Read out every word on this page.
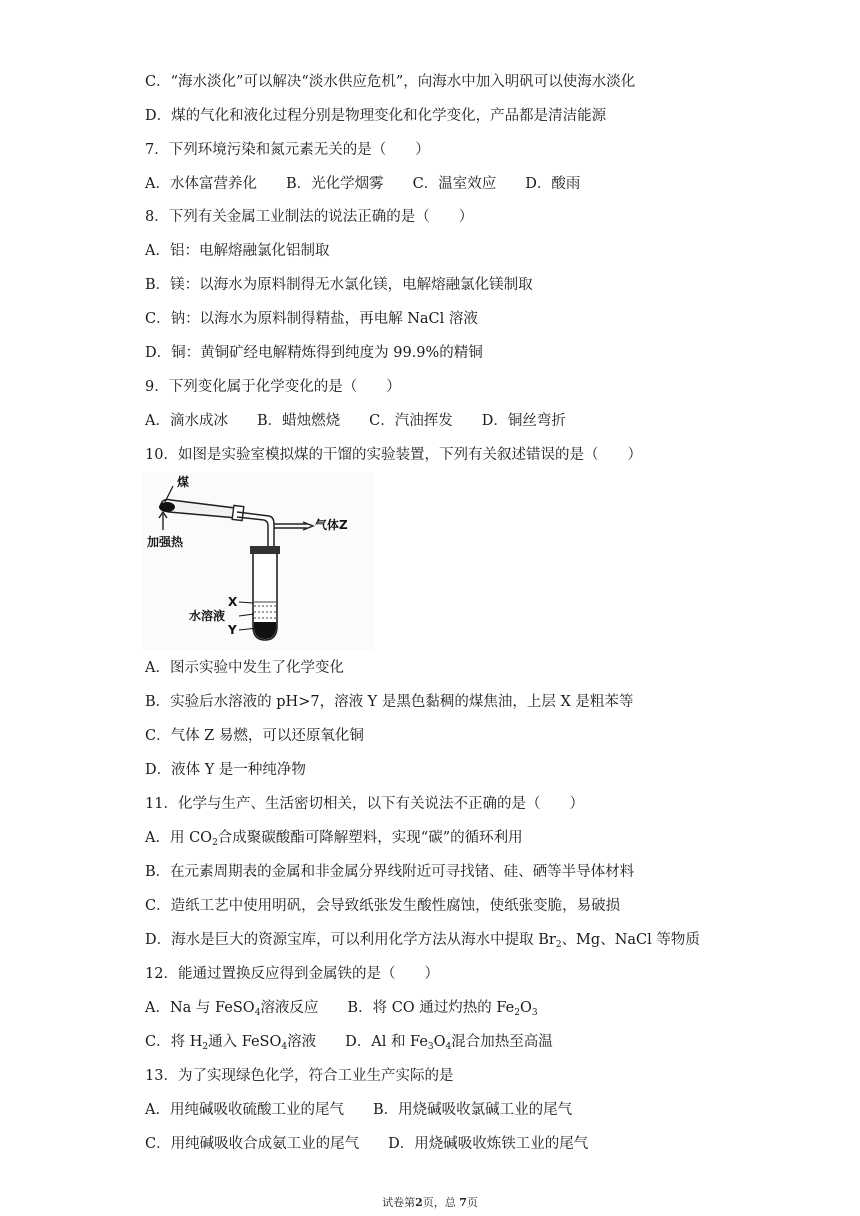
C．“海水淡化”可以解决“淡水供应危机”，向海水中加入明矾可以使海水淡化
D．煤的气化和液化过程分别是物理变化和化学变化，产品都是清洁能源
7．下列环境污染和氮元素无关的是（　　）
A．水体富营养化　　B．光化学烟雾　　C．温室效应　　D．酸雨
8．下列有关金属工业制法的说法正确的是（　　）
A．铝：电解熔融氯化铝制取
B．镁：以海水为原料制得无水氯化镁，电解熔融氯化镁制取
C．钠：以海水为原料制得精盐，再电解 NaCl 溶液
D．铜：黄铜矿经电解精炼得到纯度为 99.9%的精铜
9．下列变化属于化学变化的是（　　）
A．滴水成冰　　B．蜡烛燃烧　　C．汽油挥发　　D．铜丝弯折
10．如图是实验室模拟煤的干馏的实验装置，下列有关叙述错误的是（　　）
煤
加强热
气体Z
X
水溶液
Y
A．图示实验中发生了化学变化
B．实验后水溶液的 pH>7，溶液 Y 是黑色黏稠的煤焦油，上层 X 是粗苯等
C．气体 Z 易燃，可以还原氧化铜
D．液体 Y 是一种纯净物
11．化学与生产、生活密切相关，以下有关说法不正确的是（　　）
A．用 $CO_2$合成聚碳酸酯可降解塑料，实现“碳”的循环利用
B．在元素周期表的金属和非金属分界线附近可寻找锗、硅、硒等半导体材料
C．造纸工艺中使用明矾，会导致纸张发生酸性腐蚀，使纸张变脆，易破损
D．海水是巨大的资源宝库，可以利用化学方法从海水中提取 $Br_2$、Mg、NaCl 等物质
12．能通过置换反应得到金属铁的是（　　）
A．Na 与 FeSO$_4$溶液反应　　B．将 CO 通过灼热的 $Fe_2O_3$
C．将 $H_2$通入 FeSO$_4$溶液　　D．Al 和 $Fe_3O_4$混合加热至高温
13．为了实现绿色化学，符合工业生产实际的是
A．用纯碱吸收硫酸工业的尾气　　B．用烧碱吸收氯碱工业的尾气
C．用纯碱吸收合成氨工业的尾气　　D．用烧碱吸收炼铁工业的尾气
试卷第2页，总 7页
